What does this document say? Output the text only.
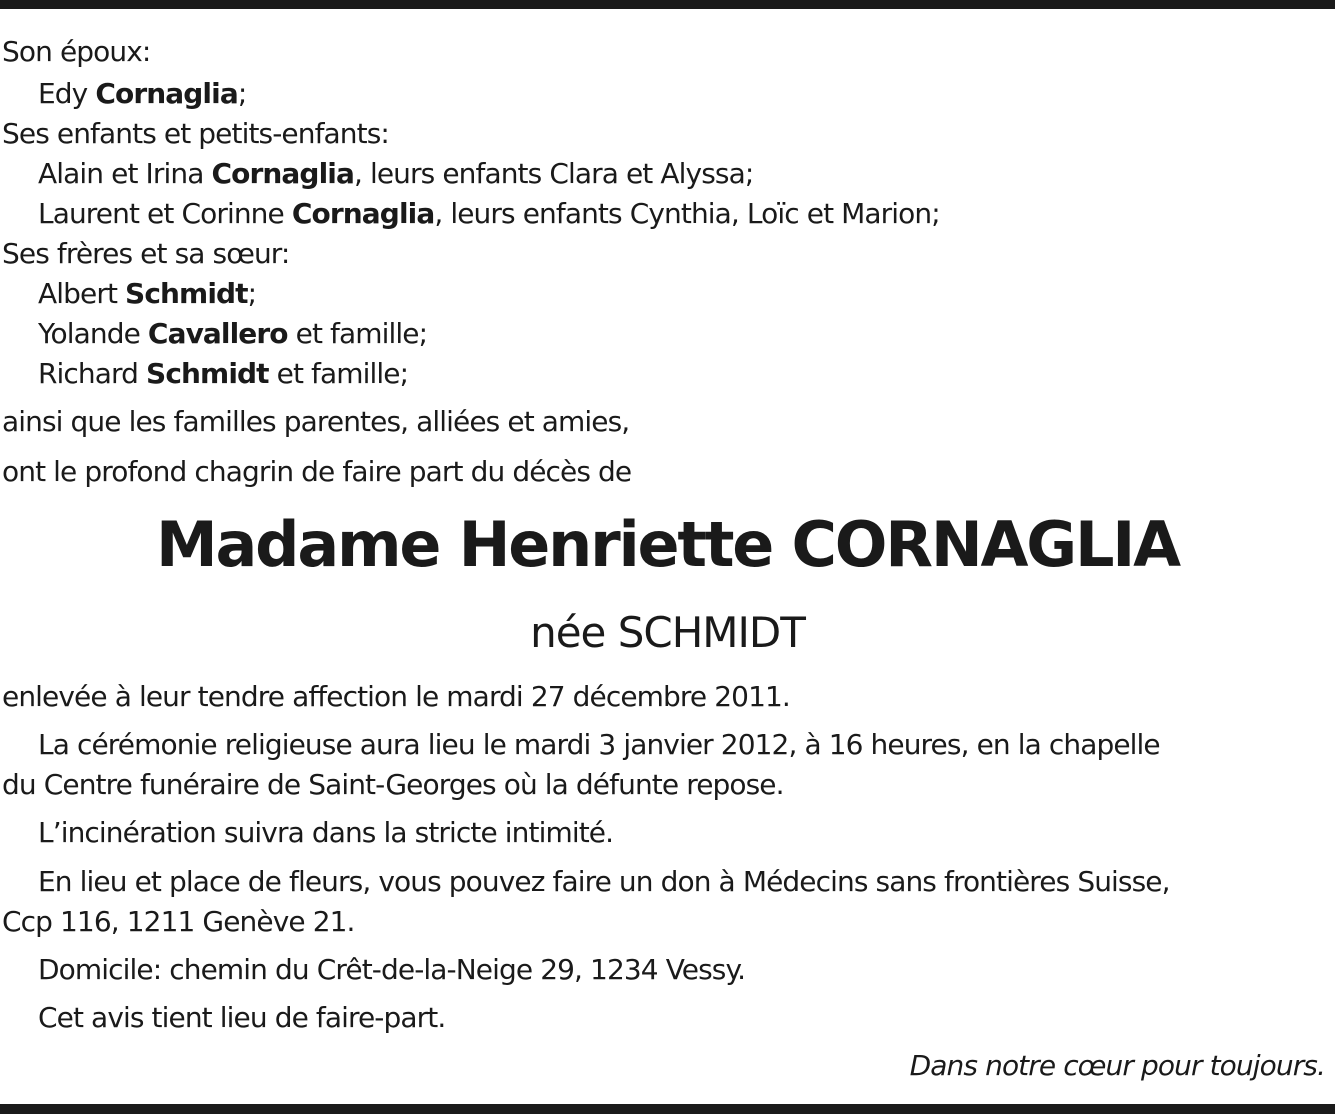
Son époux:
Edy Cornaglia;
Ses enfants et petits-enfants:
Alain et Irina Cornaglia, leurs enfants Clara et Alyssa;
Laurent et Corinne Cornaglia, leurs enfants Cynthia, Loïc et Marion;
Ses frères et sa sœur:
Albert Schmidt;
Yolande Cavallero et famille;
Richard Schmidt et famille;
ainsi que les familles parentes, alliées et amies,
ont le profond chagrin de faire part du décès de
Madame Henriette CORNAGLIA
née SCHMIDT
enlevée à leur tendre affection le mardi 27 décembre 2011.
La cérémonie religieuse aura lieu le mardi 3 janvier 2012, à 16 heures, en la chapelle
du Centre funéraire de Saint-Georges où la défunte repose.
L’incinération suivra dans la stricte intimité.
En lieu et place de fleurs, vous pouvez faire un don à Médecins sans frontières Suisse,
Ccp 116, 1211 Genève 21.
Domicile: chemin du Crêt-de-la-Neige 29, 1234 Vessy.
Cet avis tient lieu de faire-part.
Dans notre cœur pour toujours.
